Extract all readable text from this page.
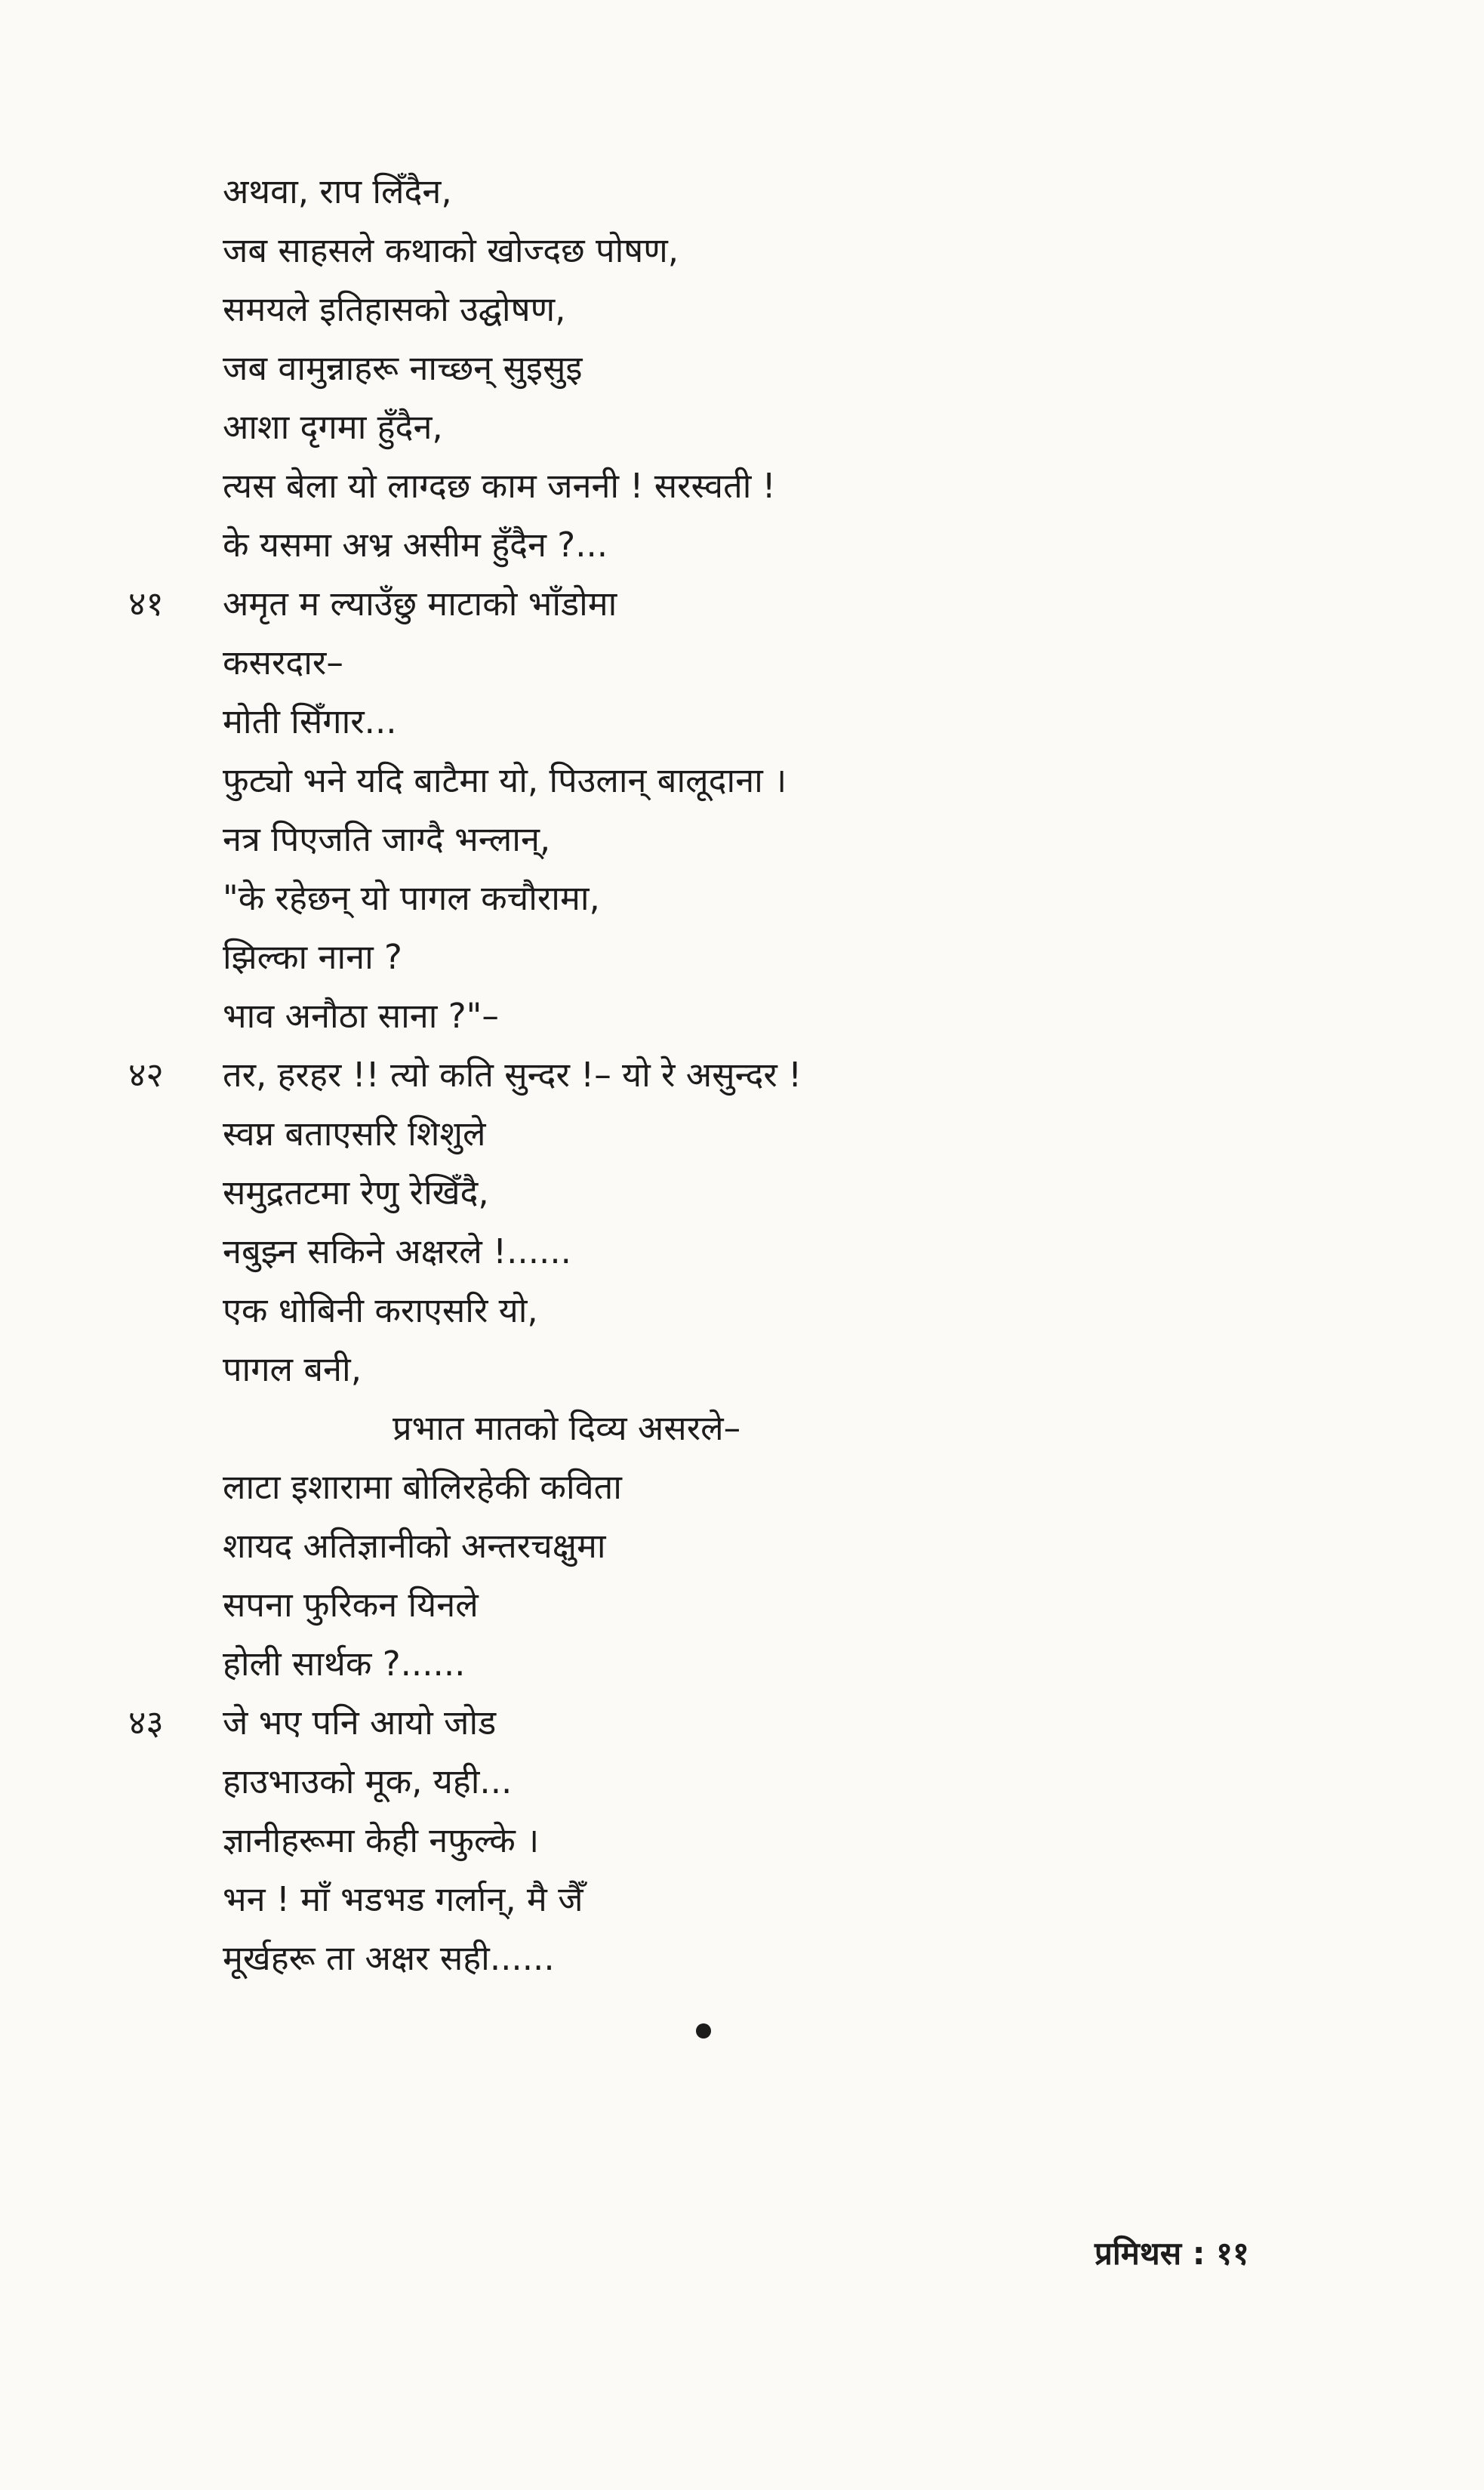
अथवा, राप लिँदैन,
जब साहसले कथाको खोज्दछ पोषण,
समयले इतिहासको उद्घोषण,
जब वामुन्नाहरू नाच्छन् सुइसुइ
आशा दृगमा हुँदैन,
त्यस बेला यो लाग्दछ काम जननी ! सरस्वती !
के यसमा अभ्र असीम हुँदैन ?...
४१	अमृत म ल्याउँछु माटाको भाँडोमा
कसरदार–
मोती सिँगार...
फुट्यो भने यदि बाटैमा यो, पिउलान् बालूदाना ।
नत्र पिएजति जाग्दै भन्लान्,
"के रहेछन् यो पागल कचौरामा,
झिल्का नाना ?
भाव अनौठा साना ?"–
४२	तर, हरहर !! त्यो कति सुन्दर !– यो रे असुन्दर !
स्वप्न बताएसरि शिशुले
समुद्रतटमा रेणु रेखिँदै,
नबुझ्न सकिने अक्षरले !......
एक धोबिनी कराएसरि यो,
पागल बनी,
प्रभात मातको दिव्य असरले–
लाटा इशारामा बोलिरहेकी कविता
शायद अतिज्ञानीको अन्तरचक्षुमा
सपना फुरिकन यिनले
होली सार्थक ?......
४३	जे भए पनि आयो जोड
हाउभाउको मूक, यही...
ज्ञानीहरूमा केही नफुल्के ।
भन ! माँ भडभड गर्लान्, मै जैँ
मूर्खहरू ता अक्षर सही......
प्रमिथस : ११
